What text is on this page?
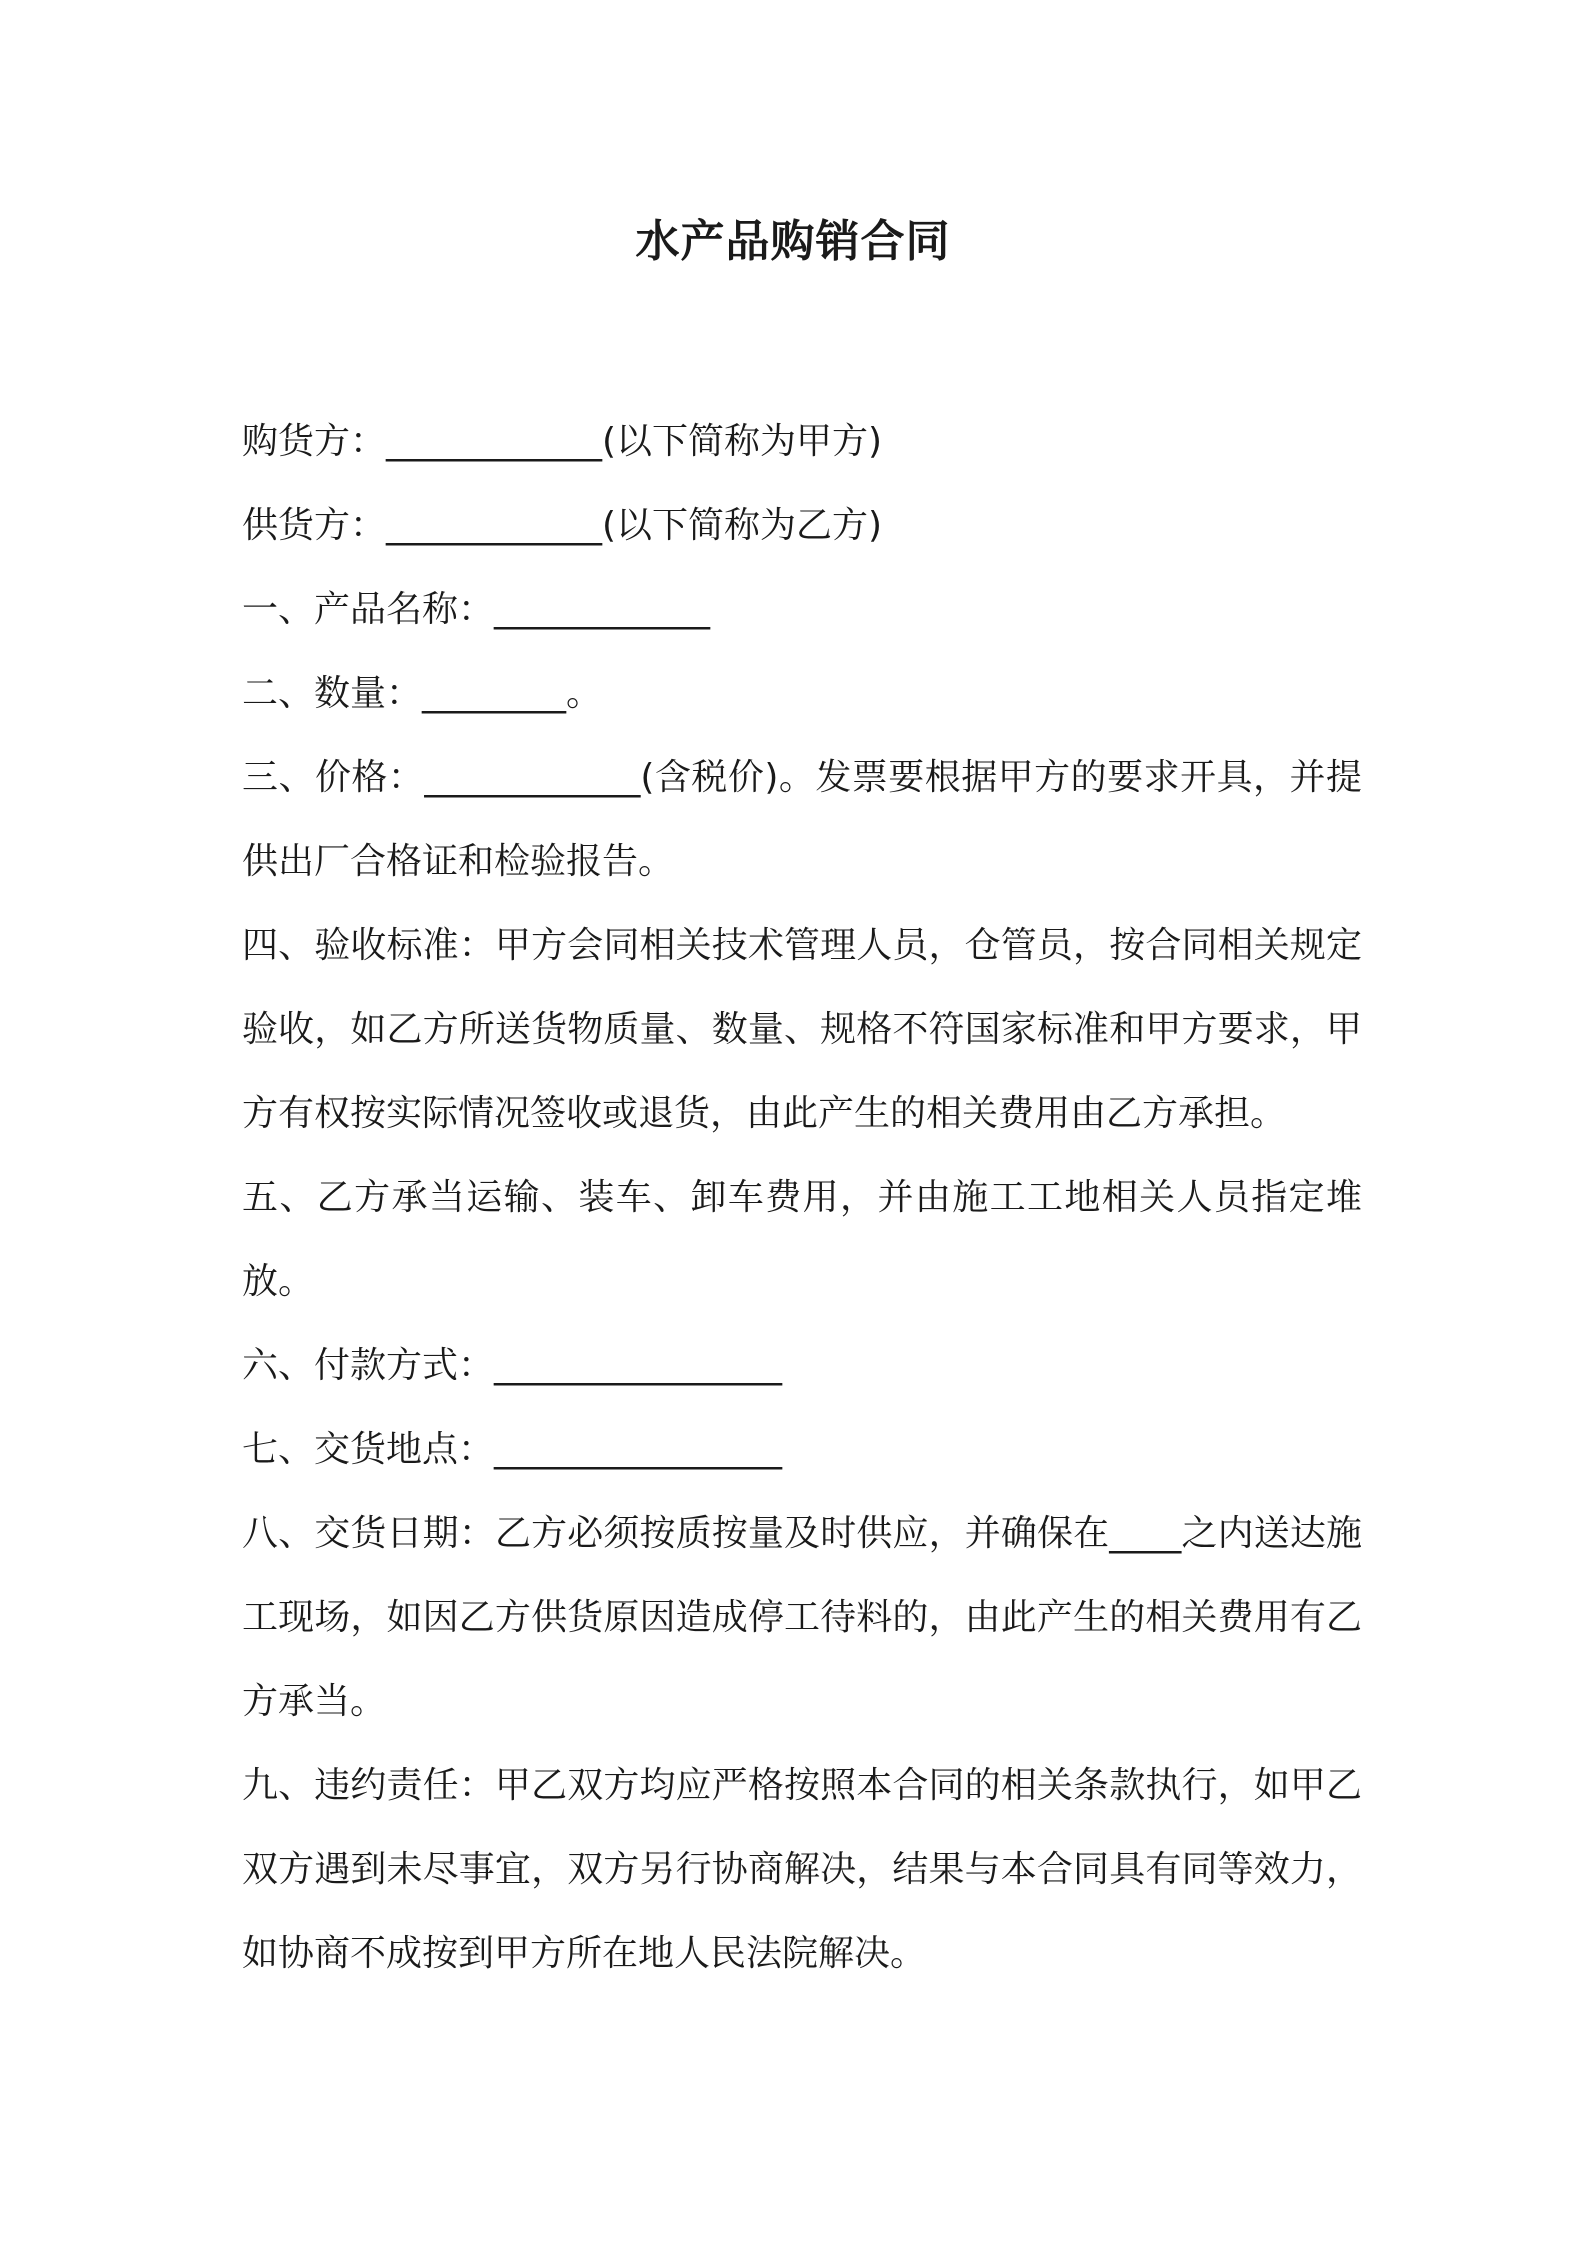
水产品购销合同

购货方：____________(以下简称为甲方)

供货方：____________(以下简称为乙方)

一、产品名称：____________

二、数量：________。

三、价格：____________(含税价)。发票要根据甲方的要求开具，并提供出厂合格证和检验报告。

四、验收标准：甲方会同相关技术管理人员，仓管员，按合同相关规定验收，如乙方所送货物质量、数量、规格不符国家标准和甲方要求，甲方有权按实际情况签收或退货，由此产生的相关费用由乙方承担。

五、乙方承当运输、装车、卸车费用，并由施工工地相关人员指定堆放。

六、付款方式：________________

七、交货地点：________________

八、交货日期：乙方必须按质按量及时供应，并确保在____之内送达施工现场，如因乙方供货原因造成停工待料的，由此产生的相关费用有乙方承当。

九、违约责任：甲乙双方均应严格按照本合同的相关条款执行，如甲乙双方遇到未尽事宜，双方另行协商解决，结果与本合同具有同等效力，如协商不成按到甲方所在地人民法院解决。
